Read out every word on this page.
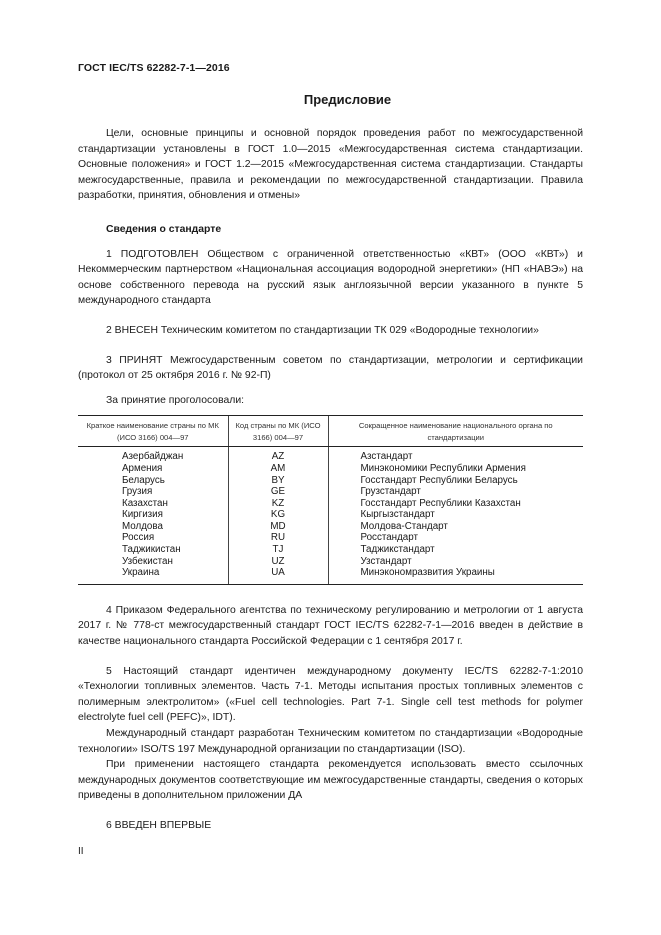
ГОСТ IEC/TS 62282-7-1—2016
Предисловие

Цели, основные принципы и основной порядок проведения работ по межгосударственной стандартизации установлены в ГОСТ 1.0—2015 «Межгосударственная система стандартизации. Основные положения» и ГОСТ 1.2—2015 «Межгосударственная система стандартизации. Стандарты межгосударственные, правила и рекомендации по межгосударственной стандартизации. Правила разработки, принятия, обновления и отмены»

Сведения о стандарте

1 ПОДГОТОВЛЕН Обществом с ограниченной ответственностью «КВТ» (ООО «КВТ») и Некоммерческим партнерством «Национальная ассоциация водородной энергетики» (НП «НАВЭ») на основе собственного перевода на русский язык англоязычной версии указанного в пункте 5 международного стандарта

2 ВНЕСЕН Техническим комитетом по стандартизации ТК 029 «Водородные технологии»

3 ПРИНЯТ Межгосударственным советом по стандартизации, метрологии и сертификации (протокол от 25 октября 2016 г. № 92-П)

За принятие проголосовали:

Краткое наименование страны по МК (ИСО 3166) 004—97	Код страны по МК (ИСО 3166) 004—97	Сокращенное наименование национального органа по стандартизации
Азербайджан	AZ	Азстандарт
Армения	AM	Минэкономики Республики Армения
Беларусь	BY	Госстандарт Республики Беларусь
Грузия	GE	Грузстандарт
Казахстан	KZ	Госстандарт Республики Казахстан
Киргизия	KG	Кыргызстандарт
Молдова	MD	Молдова-Стандарт
Россия	RU	Росстандарт
Таджикистан	TJ	Таджикстандарт
Узбекистан	UZ	Узстандарт
Украина	UA	Минэкономразвития Украины

4 Приказом Федерального агентства по техническому регулированию и метрологии от 1 августа 2017 г. № 778-ст межгосударственный стандарт ГОСТ IEC/TS 62282-7-1—2016 введен в действие в качестве национального стандарта Российской Федерации с 1 сентября 2017 г.

5 Настоящий стандарт идентичен международному документу IEC/TS 62282-7-1:2010 «Технологии топливных элементов. Часть 7-1. Методы испытания простых топливных элементов с полимерным электролитом» («Fuel cell technologies. Part 7-1. Single cell test methods for polymer electrolyte fuel cell (PEFC)», IDT).

Международный стандарт разработан Техническим комитетом по стандартизации «Водородные технологии» ISO/TS 197 Международной организации по стандартизации (ISO).

При применении настоящего стандарта рекомендуется использовать вместо ссылочных международных документов соответствующие им межгосударственные стандарты, сведения о которых приведены в дополнительном приложении ДА

6 ВВЕДЕН ВПЕРВЫЕ

II
